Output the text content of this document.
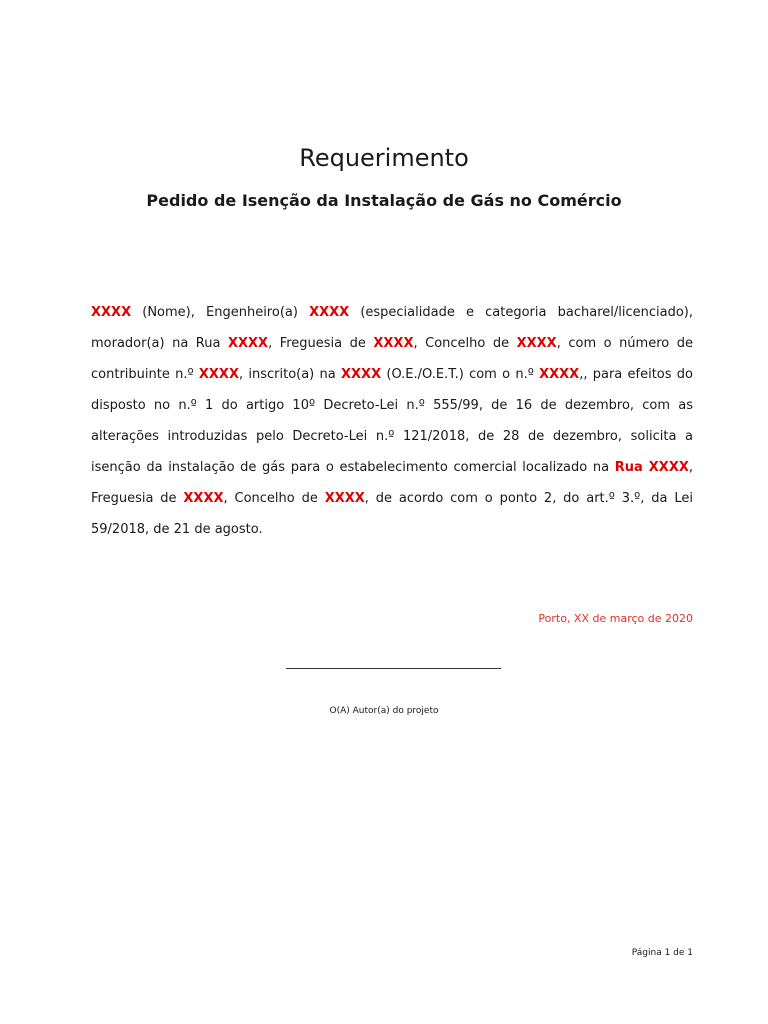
Requerimento
Pedido de Isenção da Instalação de Gás no Comércio

XXXX (Nome), Engenheiro(a) XXXX (especialidade e categoria bacharel/licenciado), morador(a) na Rua XXXX, Freguesia de XXXX, Concelho de XXXX, com o número de contribuinte n.º XXXX, inscrito(a) na XXXX (O.E./O.E.T.) com o n.º XXXX,, para efeitos do disposto no n.º 1 do artigo 10º Decreto-Lei n.º 555/99, de 16 de dezembro, com as alterações introduzidas pelo Decreto-Lei n.º 121/2018, de 28 de dezembro, solicita a isenção da instalação de gás para o estabelecimento comercial localizado na Rua XXXX, Freguesia de XXXX, Concelho de XXXX, de acordo com o ponto 2, do art.º 3.º, da Lei 59/2018, de 21 de agosto.

Porto, XX de março de 2020
O(A) Autor(a) do projeto
Página 1 de 1
